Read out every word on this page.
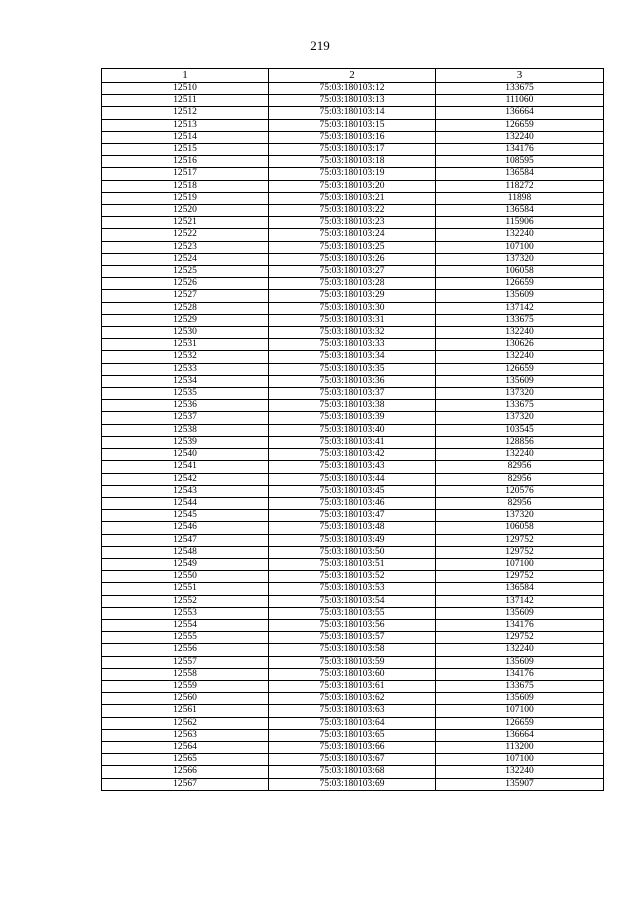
219
1	2	3
12510	75:03:180103:12	133675
12511	75:03:180103:13	111060
12512	75:03:180103:14	136664
12513	75:03:180103:15	126659
12514	75:03:180103:16	132240
12515	75:03:180103:17	134176
12516	75:03:180103:18	108595
12517	75:03:180103:19	136584
12518	75:03:180103:20	118272
12519	75:03:180103:21	11898
12520	75:03:180103:22	136584
12521	75:03:180103:23	115906
12522	75:03:180103:24	132240
12523	75:03:180103:25	107100
12524	75:03:180103:26	137320
12525	75:03:180103:27	106058
12526	75:03:180103:28	126659
12527	75:03:180103:29	135609
12528	75:03:180103:30	137142
12529	75:03:180103:31	133675
12530	75:03:180103:32	132240
12531	75:03:180103:33	130626
12532	75:03:180103:34	132240
12533	75:03:180103:35	126659
12534	75:03:180103:36	135609
12535	75:03:180103:37	137320
12536	75:03:180103:38	133675
12537	75:03:180103:39	137320
12538	75:03:180103:40	103545
12539	75:03:180103:41	128856
12540	75:03:180103:42	132240
12541	75:03:180103:43	82956
12542	75:03:180103:44	82956
12543	75:03:180103:45	120576
12544	75:03:180103:46	82956
12545	75:03:180103:47	137320
12546	75:03:180103:48	106058
12547	75:03:180103:49	129752
12548	75:03:180103:50	129752
12549	75:03:180103:51	107100
12550	75:03:180103:52	129752
12551	75:03:180103:53	136584
12552	75:03:180103:54	137142
12553	75:03:180103:55	135609
12554	75:03:180103:56	134176
12555	75:03:180103:57	129752
12556	75:03:180103:58	132240
12557	75:03:180103:59	135609
12558	75:03:180103:60	134176
12559	75:03:180103:61	133675
12560	75:03:180103:62	135609
12561	75:03:180103:63	107100
12562	75:03:180103:64	126659
12563	75:03:180103:65	136664
12564	75:03:180103:66	113200
12565	75:03:180103:67	107100
12566	75:03:180103:68	132240
12567	75:03:180103:69	135907
